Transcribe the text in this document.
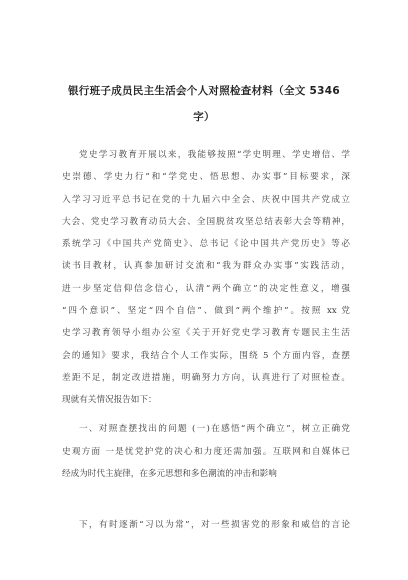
银行班子成员民主生活会个人对照检查材料（全文 5346
字）
党史学习教育开展以来，我能够按照“学史明理、学史增信、学
史崇德、学史力行”和“学党史、悟思想、办实事”目标要求，深
入学习习近平总书记在党的十九届六中全会、庆祝中国共产党成立
大会、党史学习教育动员大会、全国脱贫攻坚总结表彰大会等精神，
系统学习《中国共产党简史》、总书记《论中国共产党历史》等必
读书目教材，认真参加研讨交流和“我为群众办实事”实践活动，
进一步坚定信仰信念信心，认清“两个确立”的决定性意义，增强
“四个意识”、坚定“四个自信”、做到“两个维护”。按照 xx 党
史学习教育领导小组办公室《关于开好党史学习教育专题民主生活
会的通知》要求，我结合个人工作实际，围绕 5 个方面内容，查摆
差距不足，制定改进措施，明确努力方向，认真进行了对照检查。
现就有关情况报告如下：
一、对照查摆找出的问题 (一)在感悟“两个确立”，树立正确党
史观方面 一是忧党护党的决心和力度还需加强。互联网和自媒体已
经成为时代主旋律，在多元思想和多色潮流的冲击和影响
下，有时逐渐“习以为常”，对一些损害党的形象和威信的言论
